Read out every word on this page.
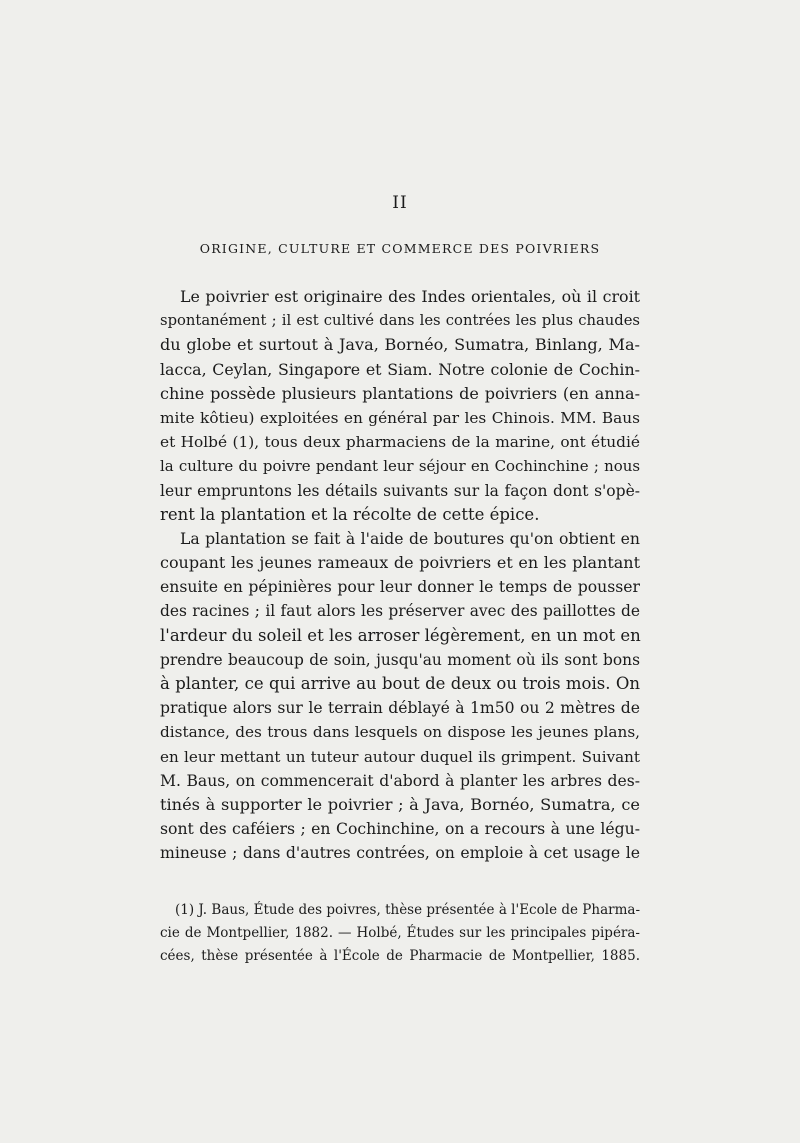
II
ORIGINE, CULTURE ET COMMERCE DES POIVRIERS

Le poivrier est originaire des Indes orientales, où il croit
spontanément ; il est cultivé dans les contrées les plus chaudes
du globe et surtout à Java, Bornéo, Sumatra, Binlang, Ma-
lacca, Ceylan, Singapore et Siam. Notre colonie de Cochin-
chine possède plusieurs plantations de poivriers (en anna-
mite kôtieu) exploitées en général par les Chinois. MM. Baus
et Holbé (1), tous deux pharmaciens de la marine, ont étudié
la culture du poivre pendant leur séjour en Cochinchine ; nous
leur empruntons les détails suivants sur la façon dont s'opè-
rent la plantation et la récolte de cette épice.

La plantation se fait à l'aide de boutures qu'on obtient en
coupant les jeunes rameaux de poivriers et en les plantant
ensuite en pépinières pour leur donner le temps de pousser
des racines ; il faut alors les préserver avec des paillottes de
l'ardeur du soleil et les arroser légèrement, en un mot en
prendre beaucoup de soin, jusqu'au moment où ils sont bons
à planter, ce qui arrive au bout de deux ou trois mois. On
pratique alors sur le terrain déblayé à 1m50 ou 2 mètres de
distance, des trous dans lesquels on dispose les jeunes plans,
en leur mettant un tuteur autour duquel ils grimpent. Suivant
M. Baus, on commencerait d'abord à planter les arbres des-
tinés à supporter le poivrier ; à Java, Bornéo, Sumatra, ce
sont des caféiers ; en Cochinchine, on a recours à une légu-
mineuse ; dans d'autres contrées, on emploie à cet usage le

(1) J. Baus, Étude des poivres, thèse présentée à l'Ecole de Pharma-
cie de Montpellier, 1882. — Holbé, Études sur les principales pipéra-
cées, thèse présentée à l'École de Pharmacie de Montpellier, 1885.
